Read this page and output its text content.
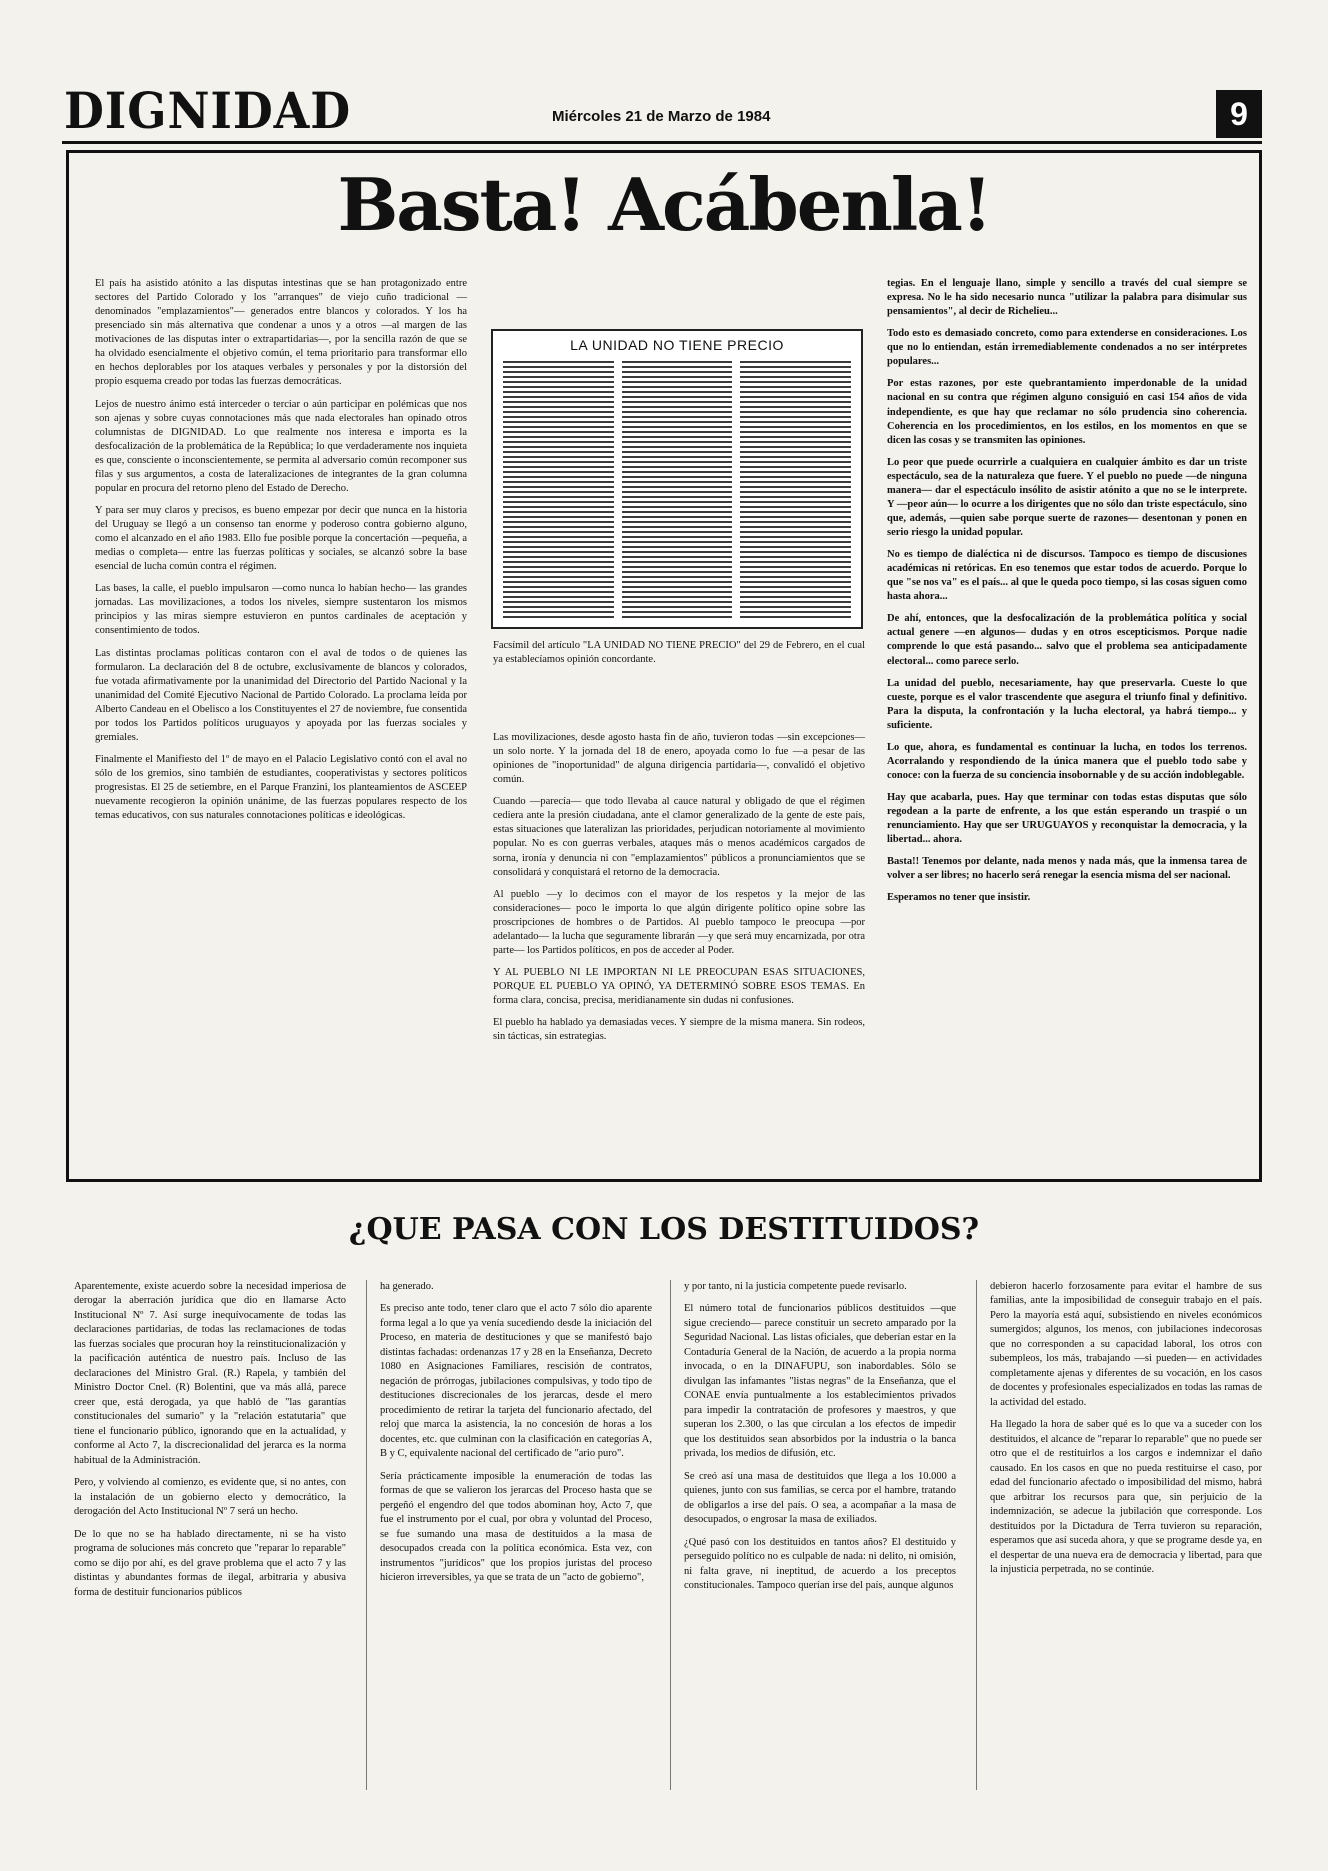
DIGNIDAD	Miércoles 21 de Marzo de 1984	9
Basta! Acábenla!

El país ha asistido atónito a las disputas intestinas que se han protagonizado entre sectores del Partido Colorado y los "arranques" de viejo cuño tradicional —denominados "emplazamientos"— generados entre blancos y colorados. Y los ha presenciado sin más alternativa que condenar a unos y a otros —al margen de las motivaciones de las disputas inter o extrapartidarias—, por la sencilla razón de que se ha olvidado esencialmente el objetivo común, el tema prioritario para transformar ello en hechos deplorables por los ataques verbales y personales y por la distorsión del propio esquema creado por todas las fuerzas democráticas.

Lejos de nuestro ánimo está interceder o terciar o aún participar en polémicas que nos son ajenas y sobre cuyas connotaciones más que nada electorales han opinado otros columnistas de DIGNIDAD. Lo que realmente nos interesa e importa es la desfocalización de la problemática de la República; lo que verdaderamente nos inquieta es que, consciente o inconscientemente, se permita al adversario común recomponer sus filas y sus argumentos, a costa de lateralizaciones de integrantes de la gran columna popular en procura del retorno pleno del Estado de Derecho.

Y para ser muy claros y precisos, es bueno empezar por decir que nunca en la historia del Uruguay se llegó a un consenso tan enorme y poderoso contra gobierno alguno, como el alcanzado en el año 1983. Ello fue posible porque la concertación —pequeña, a medias o completa— entre las fuerzas políticas y sociales, se alcanzó sobre la base esencial de lucha común contra el régimen.

Las bases, la calle, el pueblo impulsaron —como nunca lo habían hecho— las grandes jornadas. Las movilizaciones, a todos los niveles, siempre sustentaron los mismos principios y las miras siempre estuvieron en puntos cardinales de aceptación y consentimiento de todos.

Las distintas proclamas políticas contaron con el aval de todos o de quienes las formularon. La declaración del 8 de octubre, exclusivamente de blancos y colorados, fue votada afirmativamente por la unanimidad del Directorio del Partido Nacional y la unanimidad del Comité Ejecutivo Nacional de Partido Colorado. La proclama leída por Alberto Candeau en el Obelisco a los Constituyentes el 27 de noviembre, fue consentida por todos los Partidos políticos uruguayos y apoyada por las fuerzas sociales y gremiales.

Finalmente el Manifiesto del 1º de mayo en el Palacio Legislativo contó con el aval no sólo de los gremios, sino también de estudiantes, cooperativistas y sectores políticos progresistas. El 25 de setiembre, en el Parque Franzini, los planteamientos de ASCEEP nuevamente recogieron la opinión unánime, de las fuerzas populares respecto de los temas educativos, con sus naturales connotaciones políticas e ideológicas.

LA UNIDAD NO TIENE PRECIO
Facsímil del artículo "LA UNIDAD NO TIENE PRECIO" del 29 de Febrero, en el cual ya establecíamos opinión concordante.

Las movilizaciones, desde agosto hasta fin de año, tuvieron todas —sin excepciones— un solo norte. Y la jornada del 18 de enero, apoyada como lo fue —a pesar de las opiniones de "inoportunidad" de alguna dirigencia partidaria—, convalidó el objetivo común.

Cuando —parecía— que todo llevaba al cauce natural y obligado de que el régimen cediera ante la presión ciudadana, ante el clamor generalizado de la gente de este país, estas situaciones que lateralizan las prioridades, perjudican notoriamente al movimiento popular. No es con guerras verbales, ataques más o menos académicos cargados de sorna, ironía y denuncia ni con "emplazamientos" públicos a pronunciamientos que se consolidará y conquistará el retorno de la democracia.

Al pueblo —y lo decimos con el mayor de los respetos y la mejor de las consideraciones— poco le importa lo que algún dirigente político opine sobre las proscripciones de hombres o de Partidos. Al pueblo tampoco le preocupa —por adelantado— la lucha que seguramente librarán —y que será muy encarnizada, por otra parte— los Partidos políticos, en pos de acceder al Poder.

Y AL PUEBLO NI LE IMPORTAN NI LE PREOCUPAN ESAS SITUACIONES, PORQUE EL PUEBLO YA OPINÓ, YA DETERMINÓ SOBRE ESOS TEMAS. En forma clara, concisa, precisa, meridianamente sin dudas ni confusiones.

El pueblo ha hablado ya demasiadas veces. Y siempre de la misma manera. Sin rodeos, sin tácticas, sin estrategias.

tegias. En el lenguaje llano, simple y sencillo a través del cual siempre se expresa. No le ha sido necesario nunca "utilizar la palabra para disimular sus pensamientos", al decir de Richelieu...

Todo esto es demasiado concreto, como para extenderse en consideraciones. Los que no lo entiendan, están irremediablemente condenados a no ser intérpretes populares...

Por estas razones, por este quebrantamiento imperdonable de la unidad nacional en su contra que régimen alguno consiguió en casi 154 años de vida independiente, es que hay que reclamar no sólo prudencia sino coherencia. Coherencia en los procedimientos, en los estilos, en los momentos en que se dicen las cosas y se transmiten las opiniones.

Lo peor que puede ocurrirle a cualquiera en cualquier ámbito es dar un triste espectáculo, sea de la naturaleza que fuere. Y el pueblo no puede —de ninguna manera— dar el espectáculo insólito de asistir atónito a que no se le interprete. Y —peor aún— lo ocurre a los dirigentes que no sólo dan triste espectáculo, sino que, además, —quien sabe porque suerte de razones— desentonan y ponen en serio riesgo la unidad popular.

No es tiempo de dialéctica ni de discursos. Tampoco es tiempo de discusiones académicas ni retóricas. En eso tenemos que estar todos de acuerdo. Porque lo que "se nos va" es el país... al que le queda poco tiempo, si las cosas siguen como hasta ahora...

De ahí, entonces, que la desfocalización de la problemática política y social actual genere —en algunos— dudas y en otros escepticismos. Porque nadie comprende lo que está pasando... salvo que el problema sea anticipadamente electoral... como parece serlo.

La unidad del pueblo, necesariamente, hay que preservarla. Cueste lo que cueste, porque es el valor trascendente que asegura el triunfo final y definitivo. Para la disputa, la confrontación y la lucha electoral, ya habrá tiempo... y suficiente.

Lo que, ahora, es fundamental es continuar la lucha, en todos los terrenos. Acorralando y respondiendo de la única manera que el pueblo todo sabe y conoce: con la fuerza de su conciencia insobornable y de su acción indoblegable.

Hay que acabarla, pues. Hay que terminar con todas estas disputas que sólo regodean a la parte de enfrente, a los que están esperando un traspié o un renunciamiento. Hay que ser URUGUAYOS y reconquistar la democracia, y la libertad... ahora.

Basta!! Tenemos por delante, nada menos y nada más, que la inmensa tarea de volver a ser libres; no hacerlo será renegar la esencia misma del ser nacional.

Esperamos no tener que insistir.

¿QUE PASA CON LOS DESTITUIDOS?

Aparentemente, existe acuerdo sobre la necesidad imperiosa de derogar la aberración jurídica que dio en llamarse Acto Institucional Nº 7. Así surge inequívocamente de todas las declaraciones partidarias, de todas las reclamaciones de todas las fuerzas sociales que procuran hoy la reinstitucionalización y la pacificación auténtica de nuestro país. Incluso de las declaraciones del Ministro Gral. (R.) Rapela, y también del Ministro Doctor Cnel. (R) Bolentini, que va más allá, parece creer que, está derogada, ya que habló de "las garantías constitucionales del sumario" y la "relación estatutaria" que tiene el funcionario público, ignorando que en la actualidad, y conforme al Acto 7, la discrecionalidad del jerarca es la norma habitual de la Administración.

Pero, y volviendo al comienzo, es evidente que, si no antes, con la instalación de un gobierno electo y democrático, la derogación del Acto Institucional Nº 7 será un hecho.

De lo que no se ha hablado directamente, ni se ha visto programa de soluciones más concreto que "reparar lo reparable" como se dijo por ahí, es del grave problema que el acto 7 y las distintas y abundantes formas de ilegal, arbitraria y abusiva forma de destituir funcionarios públicos

ha generado.

Es preciso ante todo, tener claro que el acto 7 sólo dio aparente forma legal a lo que ya venía sucediendo desde la iniciación del Proceso, en materia de destituciones y que se manifestó bajo distintas fachadas: ordenanzas 17 y 28 en la Enseñanza, Decreto 1080 en Asignaciones Familiares, rescisión de contratos, negación de prórrogas, jubilaciones compulsivas, y todo tipo de destituciones discrecionales de los jerarcas, desde el mero procedimiento de retirar la tarjeta del funcionario afectado, del reloj que marca la asistencia, la no concesión de horas a los docentes, etc. que culminan con la clasificación en categorías A, B y C, equivalente nacional del certificado de "ario puro".

Sería prácticamente imposible la enumeración de todas las formas de que se valieron los jerarcas del Proceso hasta que se pergeñó el engendro del que todos abominan hoy, Acto 7, que fue el instrumento por el cual, por obra y voluntad del Proceso, se fue sumando una masa de destituidos a la masa de desocupados creada con la política económica. Esta vez, con instrumentos "jurídicos" que los propios juristas del proceso hicieron irreversibles, ya que se trata de un "acto de gobierno",

y por tanto, ni la justicia competente puede revisarlo.

El número total de funcionarios públicos destituidos —que sigue creciendo— parece constituir un secreto amparado por la Seguridad Nacional. Las listas oficiales, que deberían estar en la Contaduría General de la Nación, de acuerdo a la propia norma invocada, o en la DINAFUPU, son inabordables. Sólo se divulgan las infamantes "listas negras" de la Enseñanza, que el CONAE envía puntualmente a los establecimientos privados para impedir la contratación de profesores y maestros, y que superan los 2.300, o las que circulan a los efectos de impedir que los destituidos sean absorbidos por la industria o la banca privada, los medios de difusión, etc.

Se creó así una masa de destituidos que llega a los 10.000 a quienes, junto con sus familias, se cerca por el hambre, tratando de obligarlos a irse del país. O sea, a acompañar a la masa de desocupados, o engrosar la masa de exiliados.

¿Qué pasó con los destituidos en tantos años? El destituido y perseguido político no es culpable de nada: ni delito, ni omisión, ni falta grave, ni ineptitud, de acuerdo a los preceptos constitucionales. Tampoco querían irse del país, aunque algunos

debieron hacerlo forzosamente para evitar el hambre de sus familias, ante la imposibilidad de conseguir trabajo en el país. Pero la mayoría está aquí, subsistiendo en niveles económicos sumergidos; algunos, los menos, con jubilaciones indecorosas que no corresponden a su capacidad laboral, los otros con subempleos, los más, trabajando —si pueden— en actividades completamente ajenas y diferentes de su vocación, en los casos de docentes y profesionales especializados en todas las ramas de la actividad del estado.

Ha llegado la hora de saber qué es lo que va a suceder con los destituidos, el alcance de "reparar lo reparable" que no puede ser otro que el de restituirlos a los cargos e indemnizar el daño causado. En los casos en que no pueda restituirse el caso, por edad del funcionario afectado o imposibilidad del mismo, habrá que arbitrar los recursos para que, sin perjuicio de la indemnización, se adecue la jubilación que corresponde. Los destituidos por la Dictadura de Terra tuvieron su reparación, esperamos que así suceda ahora, y que se programe desde ya, en el despertar de una nueva era de democracia y libertad, para que la injusticia perpetrada, no se continúe.
